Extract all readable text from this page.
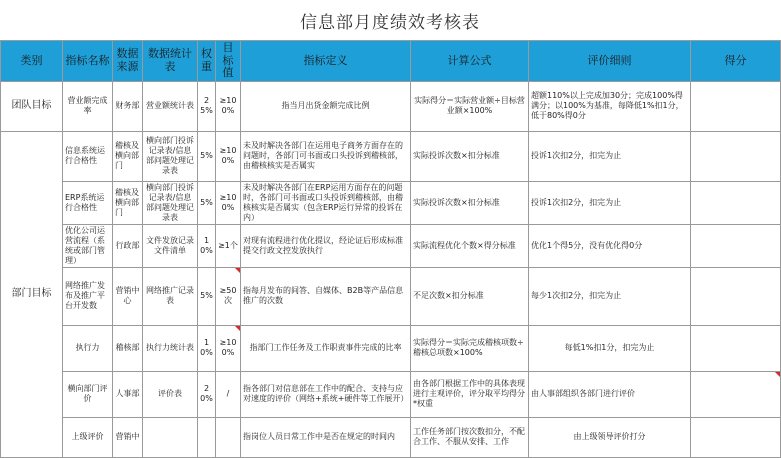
信息部月度绩效考核表
类别	指标名称	数据来源	数据统计表	权重	目标值	指标定义	计算公式	评价细则	得分
团队目标	营业额完成率	财务部	营业额统计表	25%	≥100%	指当月出货金额完成比例	实际得分＝实际营业额÷目标营业额×100%	超额110%以上完成加30分；完成100%得满分；以100%为基准，每降低1%扣1分，低于80%得0分	
部门目标	信息系统运行合格性	稽核及横向部门	横向部门投诉记录表/信息部问题处理记录表	5%	≥100%	未及时解决各部门在运用电子商务方面存在的问题时，各部门可书面或口头投诉到稽核部，由稽核核实是否属实	实际投诉次数×扣分标准	投诉1次扣2分，扣完为止	
	ERP系统运行合格性	稽核及横向部门	横向部门投诉记录表/信息部问题处理记录表	5%	≥100%	未及时解决各部门在ERP运用方面存在的问题时，各部门可书面或口头投诉到稽核部，由稽核核实是否属实（包含ERP运行异常的投诉在内）	实际投诉次数×扣分标准	投诉1次扣2分，扣完为止	
	优化公司运营流程（系统或部门管理）	行政部	文件发放记录　文件清单	10%	≥1个	对现有流程进行优化提议，经论证后形成标准提交行政文控发放执行	实际流程优化个数×得分标准	优化1个得5分，没有优化得0分	
	网络推广发布及推广平台开发数	营销中心	网络推广记录表	5%	≥50次	指每月发布的间答、自媒体、B2B等产品信息推广的次数	不足次数×扣分标准	每少1次扣2分，扣完为止	
	执行力	稽核部	执行力统计表	10%	≥100%	指部门工作任务及工作职责事件完成的比率	实际得分＝实际完成稽核项数÷稽核总项数×100%	每低1%扣1分，扣完为止	
	横向部门评价	人事部	评价表	20%	/	指各部门对信息部在工作中的配合、支持与应对速度的评价（网络+系统+硬件等工作展开）	由各部门根据工作中的具体表现进行主观评价，评分取平均得分*权重	由人事部组织各部门进行评价	
	上级评价	营销中				指岗位人员日常工作中是否在规定的时间内	工作任务部门按次数扣分，不配合工作、不服从安排、工作	由上级领导评价打分	
